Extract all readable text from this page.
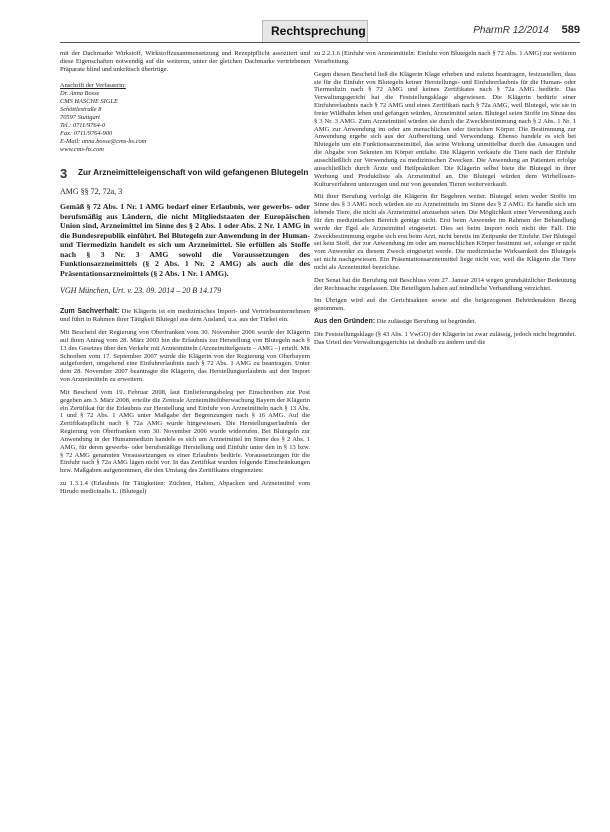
Rechtsprechung	PharmR 12/2014 589

mit der Dachmarke Wirkstoff, Wirkstoffzusammensetzung und Rezeptpflicht assoziiert und diese Eigenschaften notwendig auf die weiteren, unter der gleichen Dachmarke vertriebenen Präparate blind und unkritisch übertrüge.

Anschrift der Verfasserin:
Dr. Anna Bosse
CMS HASCHE SIGLE
Schöttlestraße 8
70597 Stuttgart
Tel.: 0711/9764-0
Fax: 0711/9764-900
E-Mail: anna.bosse@cms-hs.com
www.cms-hs.com
3 Zur Arzneimitteleigenschaft von wild gefangenen Blutegeln
AMG §§ 72, 72a, 3

Gemäß § 72 Abs. 1 Nr. 1 AMG bedarf einer Erlaubnis, wer gewerbs- oder berufsmäßig aus Ländern, die nicht Mitgliedstaaten der Europäischen Union sind, Arzneimittel im Sinne des § 2 Abs. 1 oder Abs. 2 Nr. 1 AMG in die Bundesrepublik einführt. Bei Blutegeln zur Anwendung in der Human- und Tiermedizin handelt es sich um Arzneimittel. Sie erfüllen als Stoffe nach § 3 Nr. 3 AMG sowohl die Voraussetzungen des Funktionsarzneimittels (§ 2 Abs. 1 Nr. 2 AMG) als auch die des Präsentationsarzneimittels (§ 2 Abs. 1 Nr. 1 AMG).

VGH München, Urt. v. 23. 09. 2014 – 20 B 14.179

Zum Sachverhalt: Die Klägerin ist ein medizinisches Import- und Vertriebsunternehmen und führt in Rahmen ihrer Tätigkeit Blutegel aus dem Ausland, u.a. aus der Türkei ein.

Mit Bescheid der Regierung von Oberfranken vom 30. November 2006 wurde der Klägerin auf ihren Antrag vom 28. März 2003 hin die Erlaubnis zur Herstellung von Blutegeln nach § 13 des Gesetzes über den Verkehr mit Arzneimitteln (Arzneimittelgesetz – AMG –) erteilt. Mit Schreiben vom 17. September 2007 wurde die Klägerin von der Regierung von Oberbayern aufgefordert, umgehend eine Einfuhrerlaubnis nach § 72 Abs. 1 AMG zu beantragen. Unter dem 28. November 2007 beantragte die Klägerin, das Herstellungserlaubnis auf den Import von Arzneimitteln zu erweitern.

Mit Bescheid vom 19. Februar 2008, laut Einlieferungsbeleg per Einschreiben zur Post gegeben am 3. März 2008, erteilte die Zentrale Arzneimittelüberwachung Bayern der Klägerin ein Zertifikat für die Erlaubnis zur Herstellung und Einfuhr von Arzneimitteln nach § 13 Abs. 1 und § 72 Abs. 1 AMG unter Maßgabe der Begrenzungen nach § 16 AMG. Auf die Zertifikatspflicht nach § 72a AMG wurde hingewiesen. Die Herstellungserlaubnis der Regierung von Oberfranken vom 30. November 2006 wurde widerrufen. Bei Blutegeln zur Anwendung in der Humanmedizin handele es sich um Arzneimittel im Sinne des § 2 Abs. 1 AMG, für deren gewerbs- oder berufsmäßige Herstellung und Einfuhr unter den in § 13 bzw. § 72 AMG genannten Voraussetzungen es einer Erlaubnis bedürfe. Voraussetzungen für die Einfuhr nach § 72a AMG lägen nicht vor. In das Zertifikat wurden folgende Einschränkungen bzw. Maßgaben aufgenommen, die den Umfang des Zertifikates eingrenzten:

zu 1.3.1.4 (Erlaubnis für Tätigkeiten: Züchten, Halten, Abpacken und Arzneimittel vom Hirudo medicinalis L. (Blutegel)

zu 2.2.1.6 (Einfuhr von Arzneimitteln: Einfuhr von Blutegeln nach § 72 Abs. 1 AMG) zur weiteren Verarbeitung.

Gegen diesen Bescheid ließ die Klägerin Klage erheben und zuletzt beantragen, festzustellen, dass sie für die Einfuhr von Blutegeln keiner Herstellungs- und Einfuhrerlaubnis für die Human- oder Tiermedizin nach § 72 AMG und keines Zertifikates nach § 72a AMG bedürfe. Das Verwaltungsgericht hat die Feststellungsklage abgewiesen. Die Klägerin bedürfe einer Einfuhrerlaubnis nach § 72 AMG und eines Zertifikats nach § 72a AMG, weil Blutegel, wie sie in freier Wildbahn leben und gefangen würden, Arzneimittel seien. Blutegel seien Stoffe im Sinne des § 3 Nr. 3 AMG. Zum Arzneimittel würden sie durch die Zweckbestimmung nach § 2 Abs. 1 Nr. 1 AMG zur Anwendung im oder am menschlichen oder tierischen Körper. Die Bestimmung zur Anwendung ergebe sich aus der Aufbereitung und Verwendung. Ebenso handele es sich bei Blutegeln um ein Funktionsarzneimittel, das seine Wirkung unmittelbar durch das Ansaugen und die Abgabe von Sekreten im Körper entfalte. Die Klägerin verkaufe die Tiere nach der Einfuhr ausschließlich zur Verwendung zu medizinischen Zwecken. Die Anwendung an Patienten erfolge ausschließlich durch Ärzte und Heilpraktiker. Die Klägerin selbst biete die Blutegel in ihrer Werbung und Produktliste als Arzneimittel an. Die Blutegel würden dem Wirbellosen-Kulturverfahren unterzogen und nur von gesunden Tieren weiterverkauft.

Mit ihrer Berufung verfolgt die Klägerin ihr Begehren weiter. Blutegel seien weder Stoffe im Sinne des § 3 AMG noch würden sie zu Arzneimitteln im Sinne des § 2 AMG. Es handle sich um lebende Tiere, die nicht als Arzneimittel anzusehen seien. Die Möglichkeit einer Verwendung auch für den medizinischen Bereich genüge nicht. Erst beim Anwender im Rahmen der Behandlung werde der Egel als Arzneimittel eingesetzt. Dies sei beim Import noch nicht der Fall. Die Zweckbestimmung ergebe sich erst beim Arzt, nicht bereits im Zeitpunkt der Einfuhr. Der Blutegel sei kein Stoff, der zur Anwendung im oder am menschlichen Körper bestimmt sei, solange er nicht vom Anwender zu diesem Zweck eingesetzt werde. Die medizinische Wirksamkeit des Blutegels sei nicht nachgewiesen. Ein Präsentationsarzneimittel liege nicht vor, weil die Klägerin die Tiere nicht als Arzneimittel bezeichne.

Der Senat hat die Berufung mit Beschluss vom 27. Januar 2014 wegen grundsätzlicher Bedeutung der Rechtssache zugelassen. Die Beteiligten haben auf mündliche Verhandlung verzichtet.

Im Übrigen wird auf die Gerichtsakten sowie auf die beigezogenen Behördenakten Bezug genommen.

Aus den Gründen: Die zulässige Berufung ist begründet.

Die Feststellungsklage (§ 43 Abs. 1 VwGO) der Klägerin ist zwar zulässig, jedoch nicht begründet. Das Urteil des Verwaltungsgerichts ist deshalb zu ändern und die
